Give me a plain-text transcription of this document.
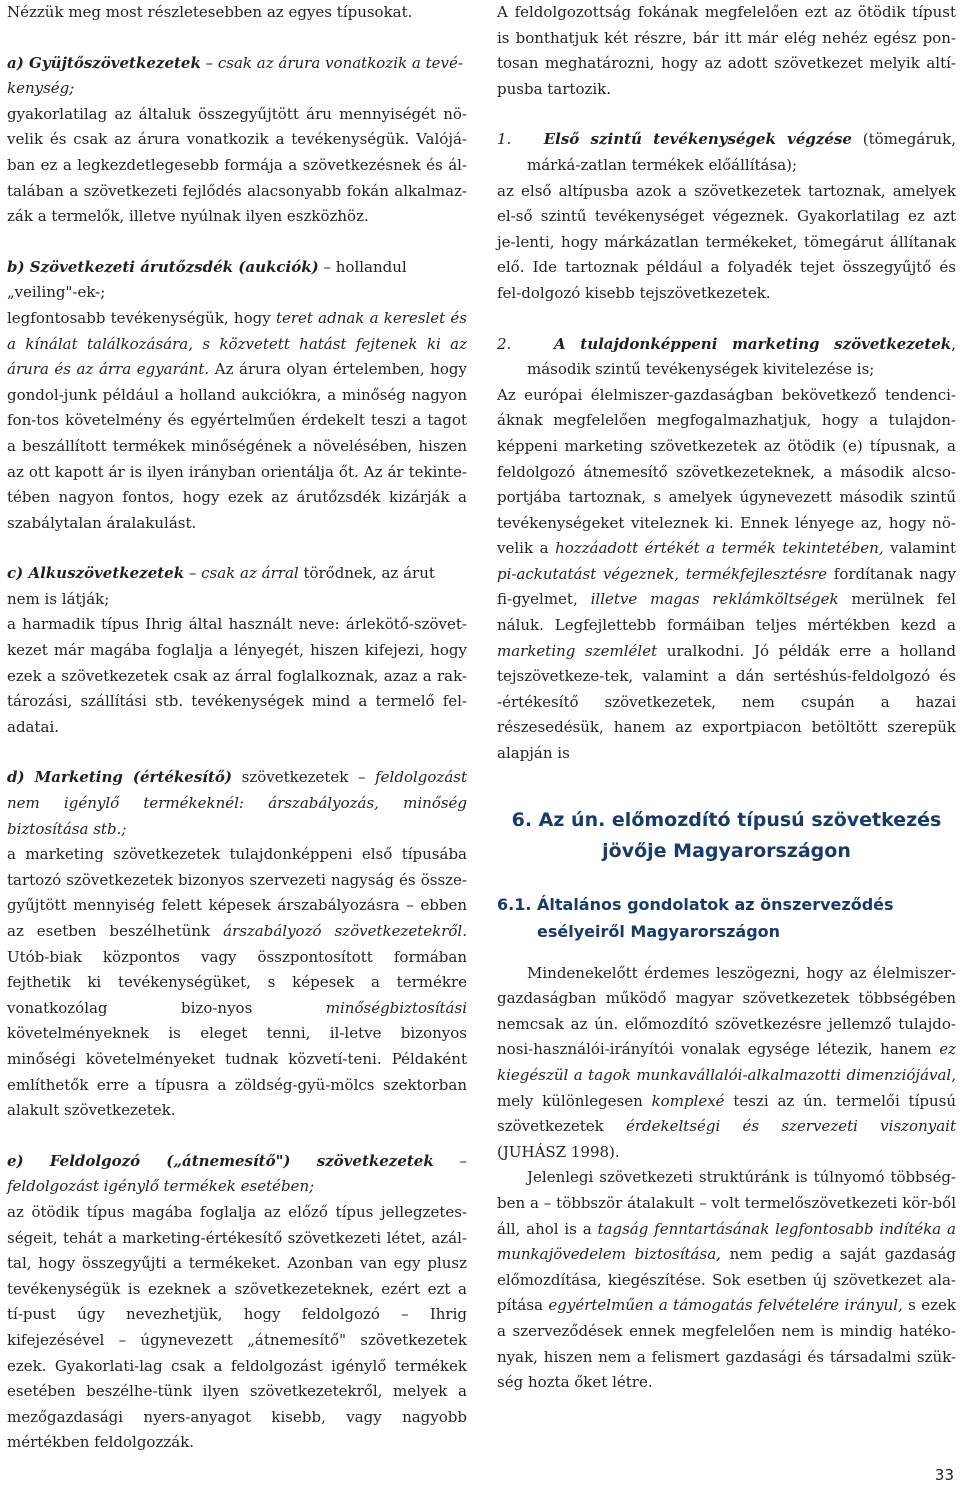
Nézzük meg most részletesebben az egyes típusokat.

a) Gyüjtőszövetkezetek – csak az árura vonatkozik a tevé-
kenység;
gyakorlatilag az általuk összegyűjtött áru mennyiségét nö-velik és csak az árura vonatkozik a tevékenységük. Valójá-ban ez a legkezdetlegesebb formája a szövetkezésnek és ál-talában a szövetkezeti fejlődés alacsonyabb fokán alkalmaz-zák a termelők, illetve nyúlnak ilyen eszközhöz.

b) Szövetkezeti árutőzsdék (aukciók) – hollandul
„veiling"-ek-;
legfontosabb tevékenységük, hogy teret adnak a kereslet és a kínálat találkozására, s közvetett hatást fejtenek ki az árura és az árra egyaránt. Az árura olyan értelemben, hogy gondol-junk például a holland aukciókra, a minőség nagyon fon-tos követelmény és egyértelműen érdekelt teszi a tagot a beszállított termékek minőségének a növelésében, hiszen az ott kapott ár is ilyen irányban orientálja őt. Az ár tekinte-tében nagyon fontos, hogy ezek az árutőzsdék kizárják a szabálytalan áralakulást.

c) Alkuszövetkezetek – csak az árral törődnek, az árut
nem is látják;
a harmadik típus Ihrig által használt neve: árlekötő-szövet-kezet már magába foglalja a lényegét, hiszen kifejezi, hogy ezek a szövetkezetek csak az árral foglalkoznak, azaz a rak-tározási, szállítási stb. tevékenységek mind a termelő fel-adatai.

d) Marketing (értékesítő) szövetkezetek – feldolgozást nem igénylő termékeknél: árszabályozás, minőség biztosítása stb.;
a marketing szövetkezetek tulajdonképpeni első típusába tartozó szövetkezetek bizonyos szervezeti nagyság és össze-gyűjtött mennyiség felett képesek árszabályozásra – ebben az esetben beszélhetünk árszabályozó szövetkezetekről. Utób-biak központos vagy összpontosított formában fejthetik ki tevékenységüket, s képesek a termékre vonatkozólag bizo-nyos minőségbiztosítási követelményeknek is eleget tenni, il-letve bizonyos minőségi követelményeket tudnak közvetí-teni. Példaként említhetők erre a típusra a zöldség-gyü-mölcs szektorban alakult szövetkezetek.

e) Feldolgozó („átnemesítő") szövetkezetek – feldolgozást igénylő termékek esetében;
az ötödik típus magába foglalja az előző típus jellegzetes-ségeit, tehát a marketing-értékesítő szövetkezeti létet, azál-tal, hogy összegyűjti a termékeket. Azonban van egy plusz tevékenységük is ezeknek a szövetkezeteknek, ezért ezt a tí-pust úgy nevezhetjük, hogy feldolgozó – Ihrig kifejezésével – úgynevezett „átnemesítő" szövetkezetek ezek. Gyakorlati-lag csak a feldolgozást igénylő termékek esetében beszélhe-tünk ilyen szövetkezetekről, melyek a mezőgazdasági nyers-anyagot kisebb, vagy nagyobb mértékben feldolgozzák.

A feldolgozottság fokának megfelelően ezt az ötödik típust is bonthatjuk két részre, bár itt már elég nehéz egész pon-tosan meghatározni, hogy az adott szövetkezet melyik altí-pusba tartozik.

1. Első szintű tevékenységek végzése (tömegáruk, márká-zatlan termékek előállítása);

az első altípusba azok a szövetkezetek tartoznak, amelyek el-ső szintű tevékenységet végeznek. Gyakorlatilag ez azt je-lenti, hogy márkázatlan termékeket, tömegárut állítanak elő. Ide tartoznak például a folyadék tejet összegyűjtő és fel-dolgozó kisebb tejszövetkezetek.

2.	A tulajdonképpeni marketing szövetkezetek, második szintű tevékenységek kivitelezése is;

Az európai élelmiszer-gazdaságban bekövetkező tendenci-áknak megfelelően megfogalmazhatjuk, hogy a tulajdon-képpeni marketing szövetkezetek az ötödik (e) típusnak, a feldolgozó átnemesítő szövetkezeteknek, a második alcso-portjába tartoznak, s amelyek úgynevezett második szintű tevékenységeket viteleznek ki. Ennek lényege az, hogy nö-velik a hozzáadott értékét a termék tekintetében, valamint pi-ackutatást végeznek, termékfejlesztésre fordítanak nagy fi-gyelmet, illetve magas reklámköltségek merülnek fel náluk. Legfejlettebb formáiban teljes mértékben kezd a marketing szemlélet uralkodni. Jó példák erre a holland tejszövetkeze-tek, valamint a dán sertéshús-feldolgozó és -értékesítő szövetkezetek, nem csupán a hazai részesedésük, hanem az exportpiacon betöltött szerepük alapján is

6. Az ún. előmozdító típusú szövetkezés
jövője Magyarországon

6.1. Általános gondolatok az önszerveződés
esélyeiről Magyarországon

Mindenekelőtt érdemes leszögezni, hogy az élelmiszer-gazdaságban működő magyar szövetkezetek többségében nemcsak az ún. előmozdító szövetkezésre jellemző tulajdo-nosi-használói-irányítói vonalak egysége létezik, hanem ez kiegészül a tagok munkavállalói-alkalmazotti dimenziójával, mely különlegesen komplexé teszi az ún. termelői típusú szövetkezetek érdekeltségi és szervezeti viszonyait (JUHÁSZ 1998).

Jelenlegi szövetkezeti struktúránk is túlnyomó többség-ben a – többször átalakult – volt termelőszövetkezeti kör-ből áll, ahol is a tagság fenntartásának legfontosabb indítéka a munkajövedelem biztosítása, nem pedig a saját gazdaság előmozdítása, kiegészítése. Sok esetben új szövetkezet ala-pítása egyértelműen a támogatás felvételére irányul, s ezek a szerveződések ennek megfelelően nem is mindig hatéko-nyak, hiszen nem a felismert gazdasági és társadalmi szük-ség hozta őket létre.

33
